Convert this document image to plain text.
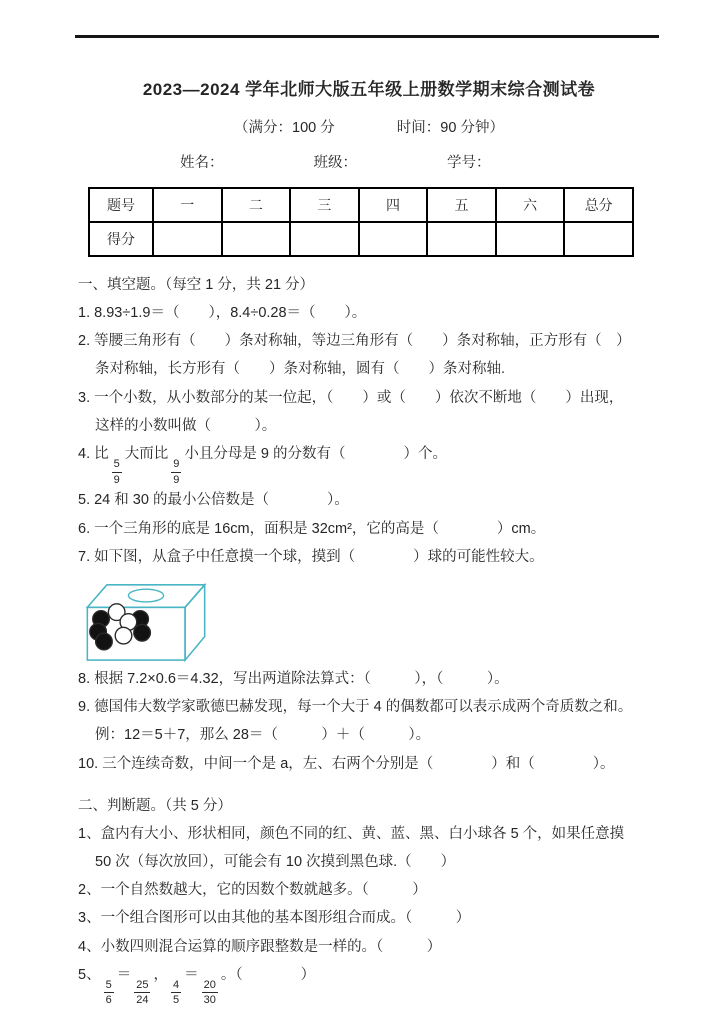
2023—2024 学年北师大版五年级上册数学期末综合测试卷
（满分：100 分	时间：90 分钟）
姓名：	班级：	学号：
题号	一	二	三	四	五	六	总分
得分							
一、填空题。（每空 1 分，共 21 分）

1. 8.93÷1.9＝（　　），8.4÷0.28＝（　　）。

2. 等腰三角形有（　　）条对称轴，等边三角形有（　　）条对称轴，正方形有（　）
条对称轴，长方形有（　　）条对称轴，圆有（　　）条对称轴.

3. 一个小数，从小数部分的某一位起，（　　）或（　　）依次不断地（　　）出现，
这样的小数叫做（　　　）。

4. 比
$\frac{5}{9}$
大而比
$\frac{9}{9}$
小且分母是 9 的分数有（　　　　）个。

5. 24 和 30 的最小公倍数是（　　　　）。

6. 一个三角形的底是 16cm，面积是 32cm²，它的高是（　　　　）cm。

7. 如下图，从盒子中任意摸一个球，摸到（　　　　）球的可能性较大。

8. 根据 7.2×0.6＝4.32，写出两道除法算式：（　　　），（　　　）。

9. 德国伟大数学家歌德巴赫发现，每一个大于 4 的偶数都可以表示成两个奇质数之和。
例：12＝5＋7，那么 28＝（　　　）＋（　　　）。

10. 三个连续奇数，中间一个是 a，左、右两个分别是（　　　　）和（　　　　）。

二、判断题。（共 5 分）

1、盒内有大小、形状相同，颜色不同的红、黄、蓝、黑、白小球各 5 个，如果任意摸
50 次（每次放回），可能会有 10 次摸到黑色球.（　　）

2、一个自然数越大，它的因数个数就越多。（　　　）

3、一个组合图形可以由其他的基本图形组合而成。（　　　）

4、小数四则混合运算的顺序跟整数是一样的。（　　　）

5、
$\frac{5}{6}$
＝
$\frac{25}{24}$
，
$\frac{4}{5}$
＝
$\frac{20}{30}$
。（　　　　）
